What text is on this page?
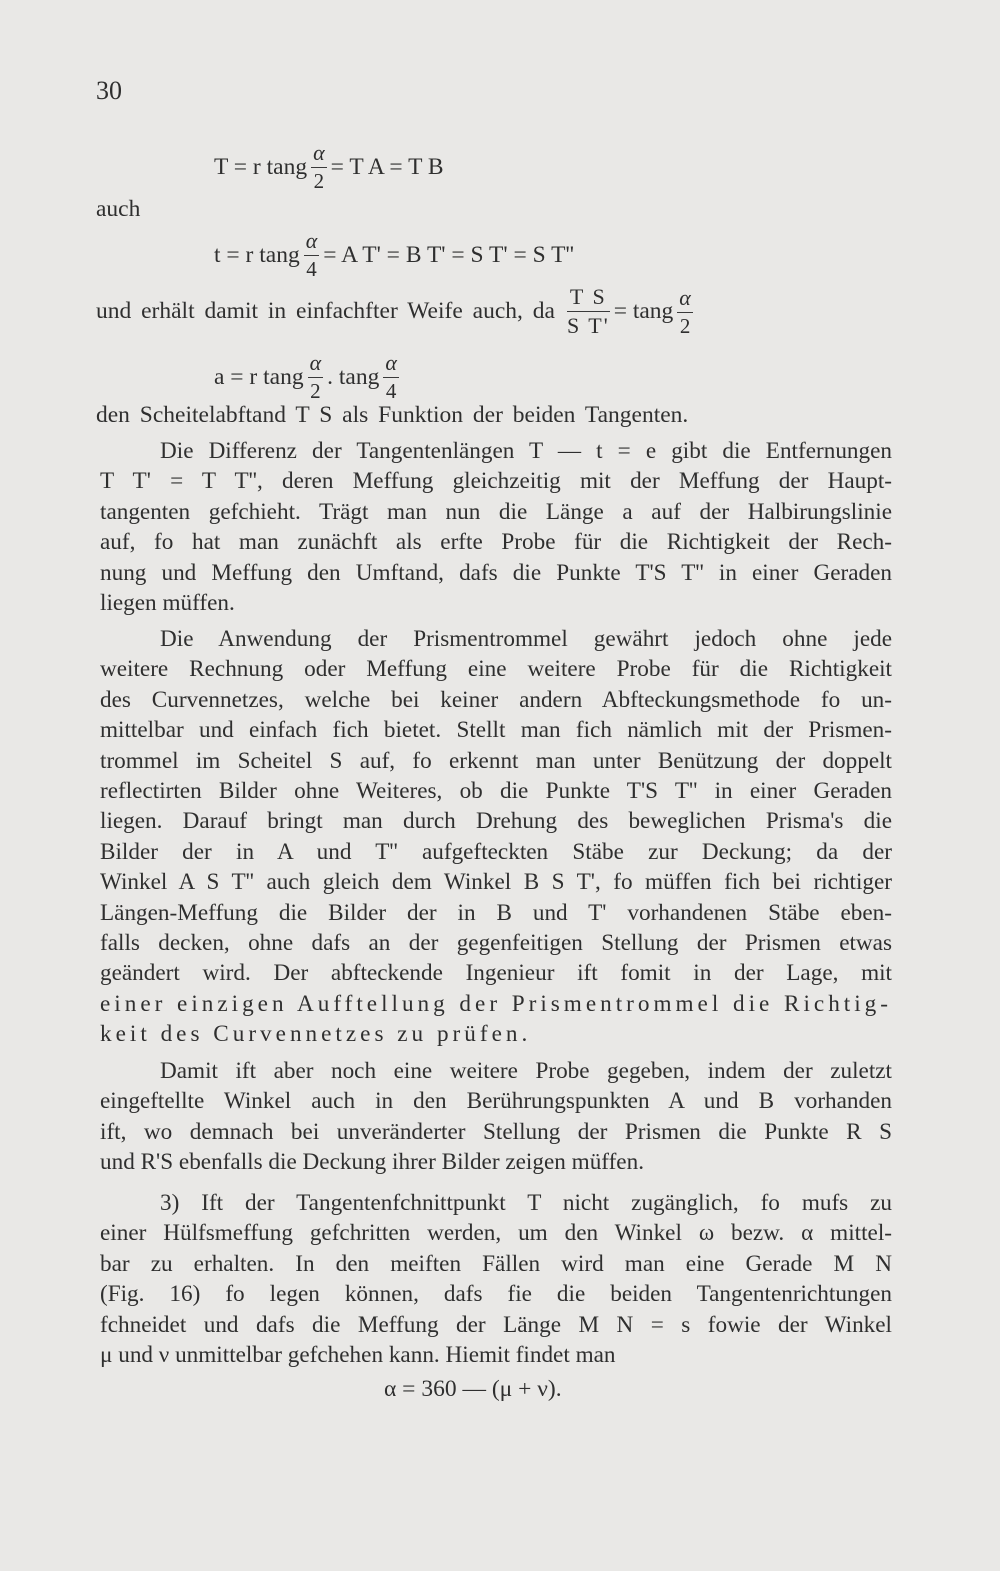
30
T = r tang $\frac{\alpha}{2} = T$ A = T B
auch
t = r tang $\frac{\alpha}{4} = A$ T' = B T' = S T' = S T''
und erhält damit in einfachfter Weife auch, da $\frac{\text{T S}}{\text{S T'}} = \tan g \frac{\alpha}{2}$
a = r tang $\frac{\alpha}{2}$ . tang $\frac{\alpha}{4}$
den Scheitelabftand T S als Funktion der beiden Tangenten.
Die Differenz der Tangentenlängen T — t = e gibt die Entfernungen
T T' = T T'', deren Meffung gleichzeitig mit der Meffung der Haupt-
tangenten gefchieht. Trägt man nun die Länge a auf der Halbirungslinie
auf, fo hat man zunächft als erfte Probe für die Richtigkeit der Rech-
nung und Meffung den Umftand, dafs die Punkte T'S T'' in einer Geraden
liegen müffen.
Die Anwendung der Prismentrommel gewährt jedoch ohne jede
weitere Rechnung oder Meffung eine weitere Probe für die Richtigkeit
des Curvennetzes, welche bei keiner andern Abfteckungsmethode fo un-
mittelbar und einfach fich bietet. Stellt man fich nämlich mit der Prismen-
trommel im Scheitel S auf, fo erkennt man unter Benützung der doppelt
reflectirten Bilder ohne Weiteres, ob die Punkte T'S T'' in einer Geraden
liegen. Darauf bringt man durch Drehung des beweglichen Prisma's die
Bilder der in A und T'' aufgefteckten Stäbe zur Deckung; da der
Winkel A S T'' auch gleich dem Winkel B S T', fo müffen fich bei richtiger
Längen-Meffung die Bilder der in B und T' vorhandenen Stäbe eben-
falls decken, ohne dafs an der gegenfeitigen Stellung der Prismen etwas
geändert wird. Der abfteckende Ingenieur ift fomit in der Lage, mit
einer einzigen Aufftellung der Prismentrommel die Richtig-
keit des Curvennetzes zu prüfen.
Damit ift aber noch eine weitere Probe gegeben, indem der zuletzt
eingeftellte Winkel auch in den Berührungspunkten A und B vorhanden
ift, wo demnach bei unveränderter Stellung der Prismen die Punkte R S
und R'S ebenfalls die Deckung ihrer Bilder zeigen müffen.
3) Ift der Tangentenfchnittpunkt T nicht zugänglich, fo mufs zu
einer Hülfsmeffung gefchritten werden, um den Winkel ω bezw. α mittel-
bar zu erhalten. In den meiften Fällen wird man eine Gerade M N
(Fig. 16) fo legen können, dafs fie die beiden Tangentenrichtungen
fchneidet und dafs die Meffung der Länge M N = s fowie der Winkel
μ und ν unmittelbar gefchehen kann. Hiemit findet man
α = 360 — (μ + ν).
